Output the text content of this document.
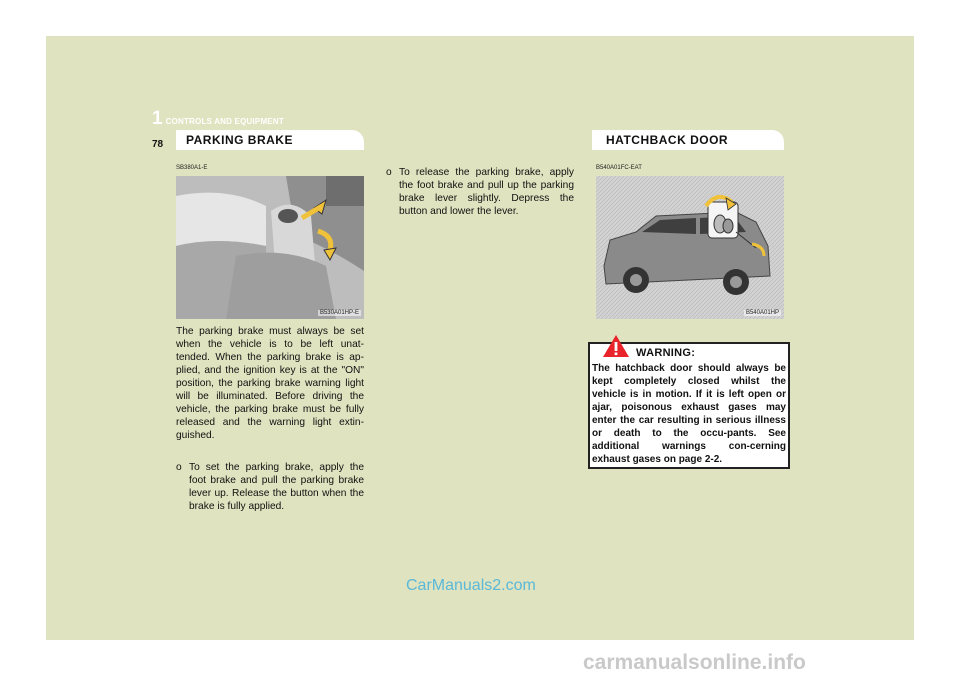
1 CONTROLS AND EQUIPMENT
78	PARKING BRAKE	HATCHBACK DOOR
SB380A1-E
B530A01HP-E
The parking brake must always be set when the vehicle is to be left unat-tended. When the parking brake is ap-plied, and the ignition key is at the "ON" position, the parking brake warning light will be illuminated. Before driving the vehicle, the parking brake must be fully released and the warning light extin-guished.
o To set the parking brake, apply the foot brake and pull the parking brake lever up. Release the button when the brake is fully applied.
o To release the parking brake, apply the foot brake and pull up the parking brake lever slightly. Depress the button and lower the lever.
B540A01FC-EAT
B540A01HP
WARNING:
The hatchback door should always be kept completely closed whilst the vehicle is in motion. If it is left open or ajar, poisonous exhaust gases may enter the car resulting in serious illness or death to the occu-pants. See additional warnings con-cerning exhaust gases on page 2-2.
CarManuals2.com
carmanualsonline.info
